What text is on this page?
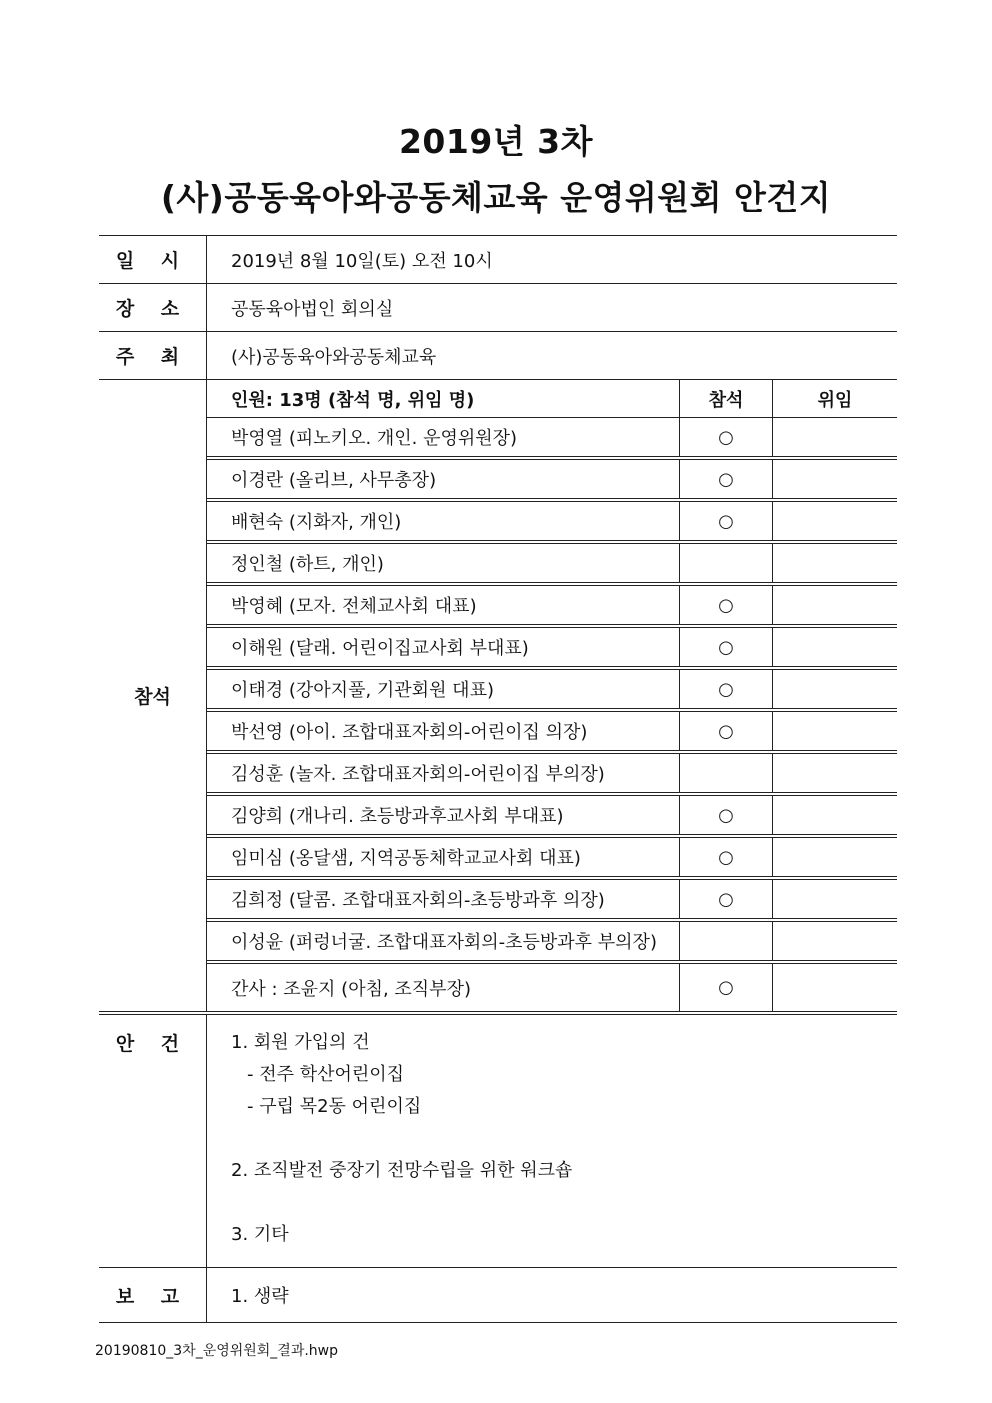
2019년 3차
(사)공동육아와공동체교육 운영위원회 안건지
일 시	2019년 8월 10일(토) 오전 10시
장 소	공동육아법인 회의실
주 최	(사)공동육아와공동체교육
참석	
인원: 13명 (참석 명, 위임 명)	참석	위임
박영열 (피노키오. 개인. 운영위원장)	○	
이경란 (올리브, 사무총장)	○	
배현숙 (지화자, 개인)	○	
정인철 (하트, 개인)		
박영혜 (모자. 전체교사회 대표)	○	
이해원 (달래. 어린이집교사회 부대표)	○	
이태경 (강아지풀, 기관회원 대표)	○	
박선영 (아이. 조합대표자회의-어린이집 의장)	○	
김성훈 (놀자. 조합대표자회의-어린이집 부의장)		
김양희 (개나리. 초등방과후교사회 부대표)	○	
임미심 (옹달샘, 지역공동체학교교사회 대표)	○	
김희정 (달콤. 조합대표자회의-초등방과후 의장)	○	
이성윤 (퍼렁너굴. 조합대표자회의-초등방과후 부의장)		
간사 : 조윤지 (아침, 조직부장)	○	

안 건	1. 회원 가입의 건
- 전주 학산어린이집
- 구립 목2동 어린이집
2. 조직발전 중장기 전망수립을 위한 워크숍
3. 기타

보 고	1. 생략
20190810_3차_운영위원회_결과.hwp
